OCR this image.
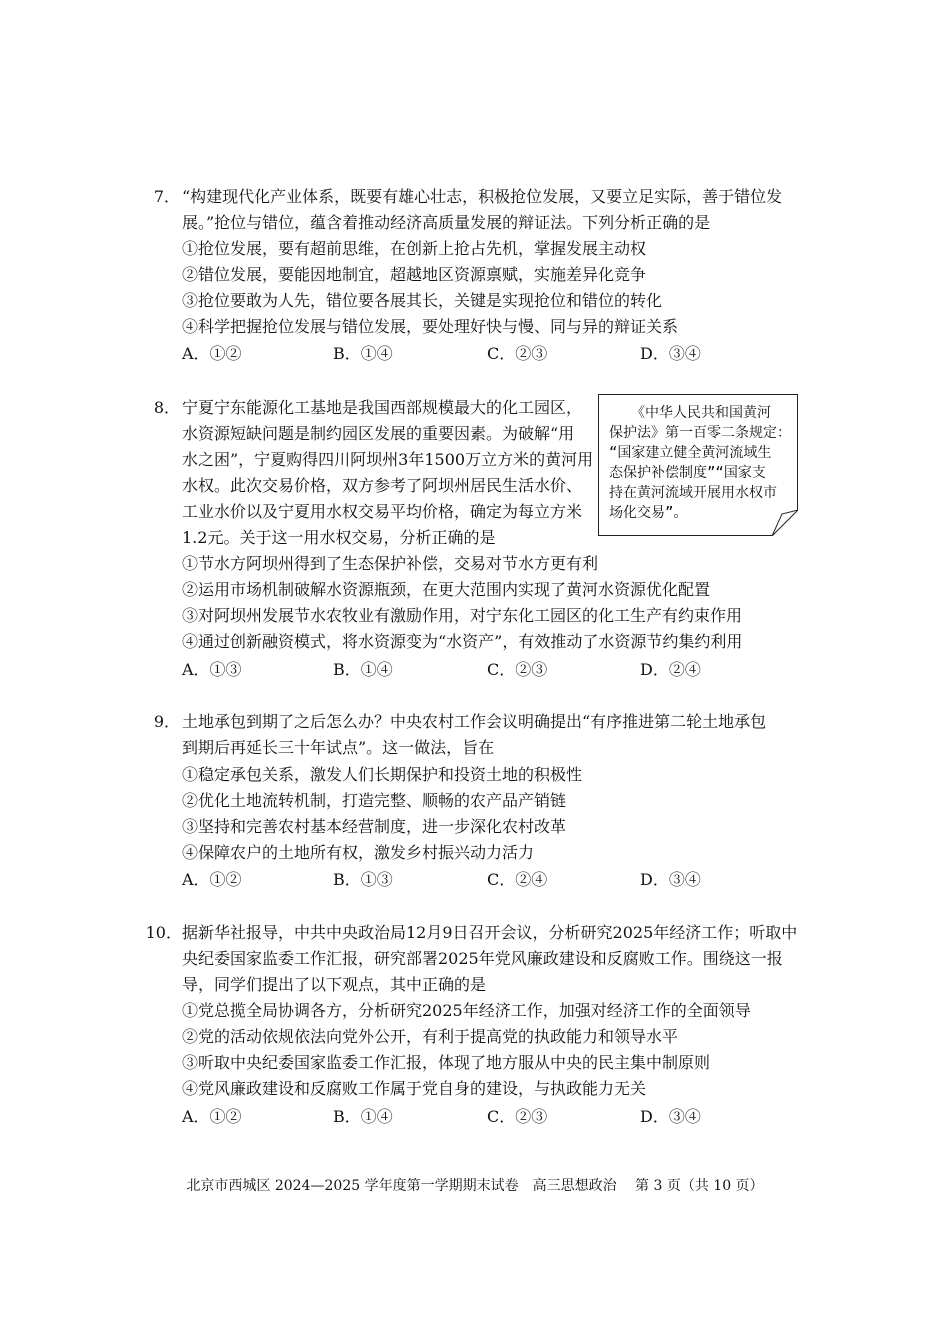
7． “构建现代化产业体系，既要有雄心壮志，积极抢位发展，又要立足实际，善于错位发
展。”抢位与错位，蕴含着推动经济高质量发展的辩证法。下列分析正确的是
①抢位发展，要有超前思维，在创新上抢占先机，掌握发展主动权
②错位发展，要能因地制宜，超越地区资源禀赋，实施差异化竞争
③抢位要敢为人先，错位要各展其长，关键是实现抢位和错位的转化
④科学把握抢位发展与错位发展，要处理好快与慢、同与异的辩证关系
A．①②	B．①④	C．②③	D．③④
8． 宁夏宁东能源化工基地是我国西部规模最大的化工园区，
水资源短缺问题是制约园区发展的重要因素。为破解“用
水之困”，宁夏购得四川阿坝州3年1500万立方米的黄河用
水权。此次交易价格，双方参考了阿坝州居民生活水价、
工业水价以及宁夏用水权交易平均价格，确定为每立方米
1.2元。关于这一用水权交易，分析正确的是
《中华人民共和国黄河
保护法》第一百零二条规定：
“国家建立健全黄河流域生
态保护补偿制度”“国家支
持在黄河流域开展用水权市
场化交易”。
①节水方阿坝州得到了生态保护补偿，交易对节水方更有利
②运用市场机制破解水资源瓶颈，在更大范围内实现了黄河水资源优化配置
③对阿坝州发展节水农牧业有激励作用，对宁东化工园区的化工生产有约束作用
④通过创新融资模式，将水资源变为“水资产”，有效推动了水资源节约集约利用
A．①③	B．①④	C．②③	D．②④
9． 土地承包到期了之后怎么办？中央农村工作会议明确提出“有序推进第二轮土地承包
到期后再延长三十年试点”。这一做法，旨在
①稳定承包关系，激发人们长期保护和投资土地的积极性
②优化土地流转机制，打造完整、顺畅的农产品产销链
③坚持和完善农村基本经营制度，进一步深化农村改革
④保障农户的土地所有权，激发乡村振兴动力活力
A．①②	B．①③	C．②④	D．③④
10． 据新华社报导，中共中央政治局12月9日召开会议，分析研究2025年经济工作；听取中
央纪委国家监委工作汇报，研究部署2025年党风廉政建设和反腐败工作。围绕这一报
导，同学们提出了以下观点，其中正确的是
①党总揽全局协调各方，分析研究2025年经济工作，加强对经济工作的全面领导
②党的活动依规依法向党外公开，有利于提高党的执政能力和领导水平
③听取中央纪委国家监委工作汇报，体现了地方服从中央的民主集中制原则
④党风廉政建设和反腐败工作属于党自身的建设，与执政能力无关
A．①②	B．①④	C．②③	D．③④
北京市西城区 2024—2025 学年度第一学期期末试卷　高三思想政治　 第 3 页（共 10 页）
